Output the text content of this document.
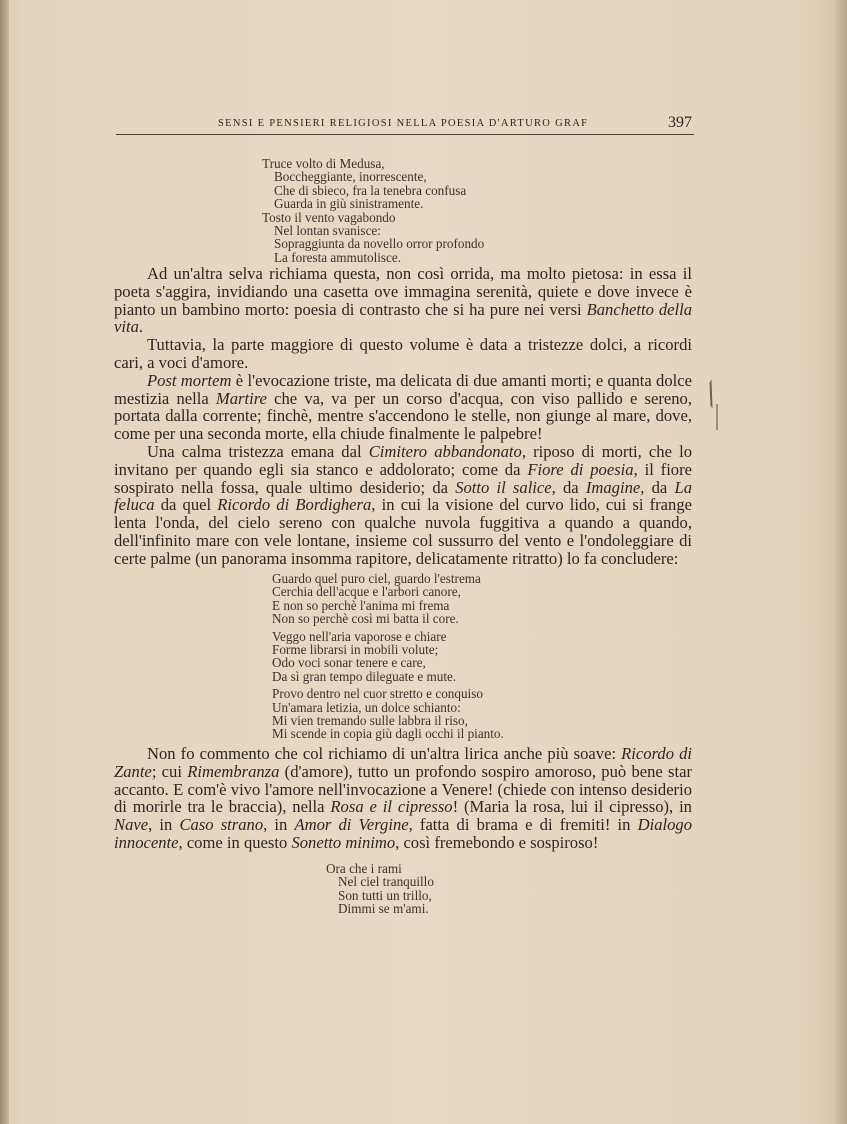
SENSI E PENSIERI RELIGIOSI NELLA POESIA D'ARTURO GRAF	397
Truce volto di Medusa,
Boccheggiante, inorrescente,
Che di sbieco, fra la tenebra confusa
Guarda in giù sinistramente.
Tosto il vento vagabondo
Nel lontan svanisce:
Sopraggiunta da novello orror profondo
La foresta ammutolisce.
Ad un'altra selva richiama questa, non così orrida, ma molto pietosa: in essa il poeta s'aggira, invidiando una casetta ove immagina serenità, quiete e dove invece è pianto un bambino morto: poesia di contrasto che si ha pure nei versi Banchetto della vita.
Tuttavia, la parte maggiore di questo volume è data a tristezze dolci, a ricordi cari, a voci d'amore.
Post mortem è l'evocazione triste, ma delicata di due amanti morti; e quanta dolce mestizia nella Martire che va, va per un corso d'acqua, con viso pallido e sereno, portata dalla corrente; finchè, mentre s'accendono le stelle, non giunge al mare, dove, come per una seconda morte, ella chiude finalmente le palpebre!
Una calma tristezza emana dal Cimitero abbandonato, riposo di morti, che lo invitano per quando egli sia stanco e addolorato; come da Fiore di poesia, il fiore sospirato nella fossa, quale ultimo desiderio; da Sotto il salice, da Imagine, da La feluca da quel Ricordo di Bordighera, in cui la visione del curvo lido, cui si frange lenta l'onda, del cielo sereno con qualche nuvola fuggitiva a quando a quando, dell'infinito mare con vele lontane, insieme col sussurro del vento e l'ondoleggiare di certe palme (un panorama insomma rapitore, delicatamente ritratto) lo fa concludere:
Guardo quel puro ciel, guardo l'estrema
Cerchia dell'acque e l'arbori canore,
E non so perchè l'anima mi frema
Non so perchè così mi batta il core.
Veggo nell'aria vaporose e chiare
Forme librarsi in mobili volute;
Odo voci sonar tenere e care,
Da sì gran tempo dileguate e mute.
Provo dentro nel cuor stretto e conquiso
Un'amara letizia, un dolce schianto:
Mi vien tremando sulle labbra il riso,
Mi scende in copia giù dagli occhi il pianto.
Non fo commento che col richiamo di un'altra lirica anche più soave: Ricordo di Zante; cui Rimembranza (d'amore), tutto un profondo sospiro amoroso, può bene star accanto. E com'è vivo l'amore nell'invocazione a Venere! (chiede con intenso desiderio di morirle tra le braccia), nella Rosa e il cipresso! (Maria la rosa, lui il cipresso), in Nave, in Caso strano, in Amor di Vergine, fatta di brama e di fremiti! in Dialogo innocente, come in questo Sonetto minimo, così fremebondo e sospiroso!
Ora che i rami
Nel ciel tranquillo
Son tutti un trillo,
Dimmi se m'ami.
